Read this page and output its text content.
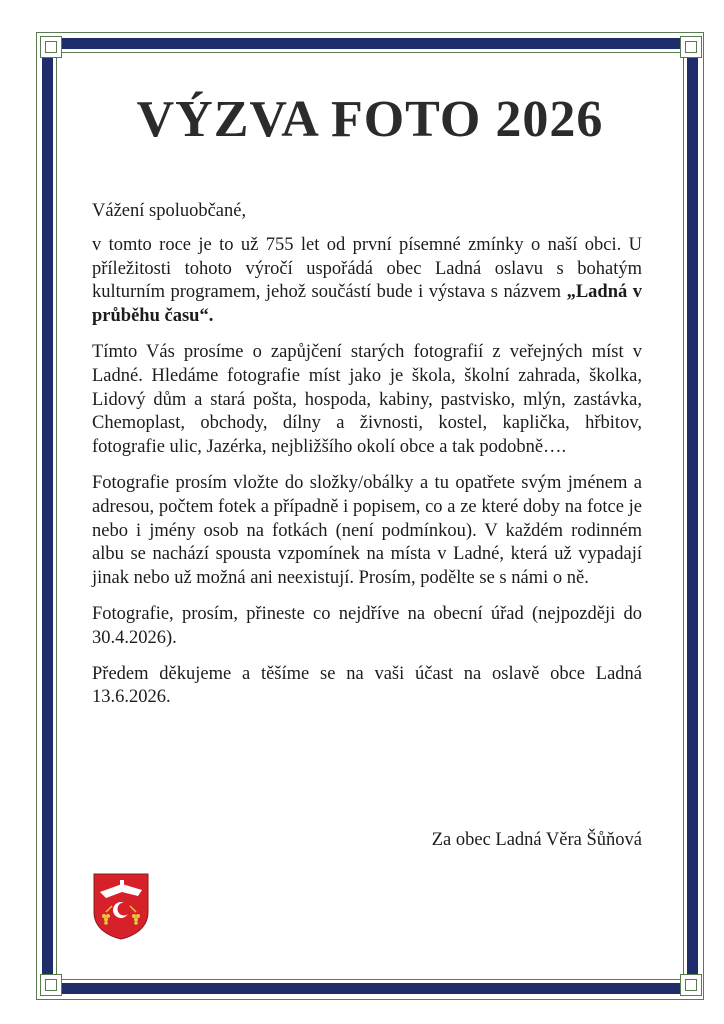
VÝZVA FOTO 2026

Vážení spoluobčané,

v tomto roce je to už 755 let od první písemné zmínky o naší obci. U příležitosti tohoto výročí uspořádá obec Ladná oslavu s bohatým kulturním programem, jehož součástí bude i výstava s názvem „Ladná v průběhu času“.

Tímto Vás prosíme o zapůjčení starých fotografií z veřejných míst v Ladné. Hledáme fotografie míst jako je škola, školní zahrada, školka, Lidový dům a stará pošta, hospoda, kabiny, pastvisko, mlýn, zastávka, Chemoplast, obchody, dílny a živnosti, kostel, kaplička, hřbitov, fotografie ulic, Jazérka, nejbližšího okolí obce a tak podobně….

Fotografie prosím vložte do složky/obálky a tu opatřete svým jménem a adresou, počtem fotek a případně i popisem, co a ze které doby na fotce je nebo i jmény osob na fotkách (není podmínkou). V každém rodinném albu se nachází spousta vzpomínek na místa v Ladné, která už vypadají jinak nebo už možná ani neexistují. Prosím, podělte se s námi o ně.

Fotografie, prosím, přineste co nejdříve na obecní úřad (nejpozději do 30.4.2026).

Předem děkujeme a těšíme se na vaši účast na oslavě obce Ladná 13.6.2026.

Za obec Ladná Věra Šůňová
